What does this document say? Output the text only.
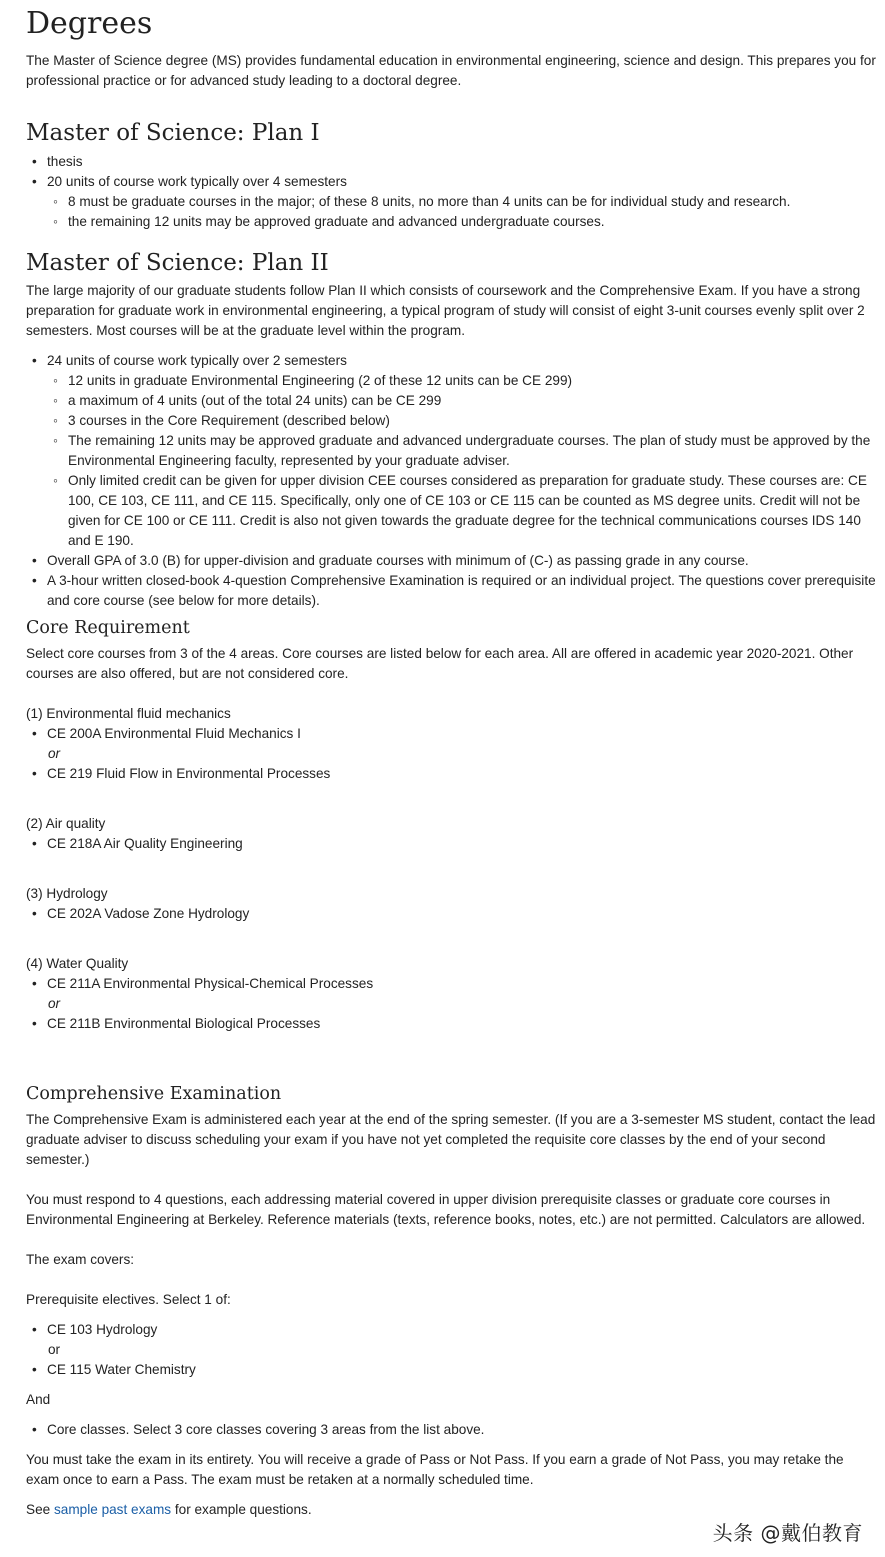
Degrees

The Master of Science degree (MS) provides fundamental education in environmental engineering, science and design. This prepares you for professional practice or for advanced study leading to a doctoral degree.

Master of Science: Plan I
• thesis
• 20 units of course work typically over 4 semesters
◦ 8 must be graduate courses in the major; of these 8 units, no more than 4 units can be for individual study and research.
◦ the remaining 12 units may be approved graduate and advanced undergraduate courses.
Master of Science: Plan II

The large majority of our graduate students follow Plan II which consists of coursework and the Comprehensive Exam. If you have a strong preparation for graduate work in environmental engineering, a typical program of study will consist of eight 3-unit courses evenly split over 2 semesters. Most courses will be at the graduate level within the program.

• 24 units of course work typically over 2 semesters
◦ 12 units in graduate Environmental Engineering (2 of these 12 units can be CE 299)
◦ a maximum of 4 units (out of the total 24 units) can be CE 299
◦ 3 courses in the Core Requirement (described below)
◦ The remaining 12 units may be approved graduate and advanced undergraduate courses. The plan of study must be approved by the Environmental Engineering faculty, represented by your graduate adviser.
◦ Only limited credit can be given for upper division CEE courses considered as preparation for graduate study. These courses are: CE 100, CE 103, CE 111, and CE 115. Specifically, only one of CE 103 or CE 115 can be counted as MS degree units. Credit will not be given for CE 100 or CE 111. Credit is also not given towards the graduate degree for the technical communications courses IDS 140 and E 190.
• Overall GPA of 3.0 (B) for upper-division and graduate courses with minimum of (C-) as passing grade in any course.
• A 3-hour written closed-book 4-question Comprehensive Examination is required or an individual project. The questions cover prerequisite and core course (see below for more details).
Core Requirement

Select core courses from 3 of the 4 areas. Core courses are listed below for each area. All are offered in academic year 2020-2021. Other courses are also offered, but are not considered core.

(1) Environmental fluid mechanics
• CE 200A Environmental Fluid Mechanics I
or
• CE 219 Fluid Flow in Environmental Processes
(2) Air quality
• CE 218A Air Quality Engineering
(3) Hydrology
• CE 202A Vadose Zone Hydrology
(4) Water Quality
• CE 211A Environmental Physical-Chemical Processes
or
• CE 211B Environmental Biological Processes
Comprehensive Examination

The Comprehensive Exam is administered each year at the end of the spring semester. (If you are a 3-semester MS student, contact the lead graduate adviser to discuss scheduling your exam if you have not yet completed the requisite core classes by the end of your second semester.)

You must respond to 4 questions, each addressing material covered in upper division prerequisite classes or graduate core courses in Environmental Engineering at Berkeley. Reference materials (texts, reference books, notes, etc.) are not permitted. Calculators are allowed.

The exam covers:

Prerequisite electives. Select 1 of:

• CE 103 Hydrology
or
• CE 115 Water Chemistry

And

• Core classes. Select 3 core classes covering 3 areas from the list above.

You must take the exam in its entirety. You will receive a grade of Pass or Not Pass. If you earn a grade of Not Pass, you may retake the exam once to earn a Pass. The exam must be retaken at a normally scheduled time.

See sample past exams for example questions.

头条 @戴伯教育
